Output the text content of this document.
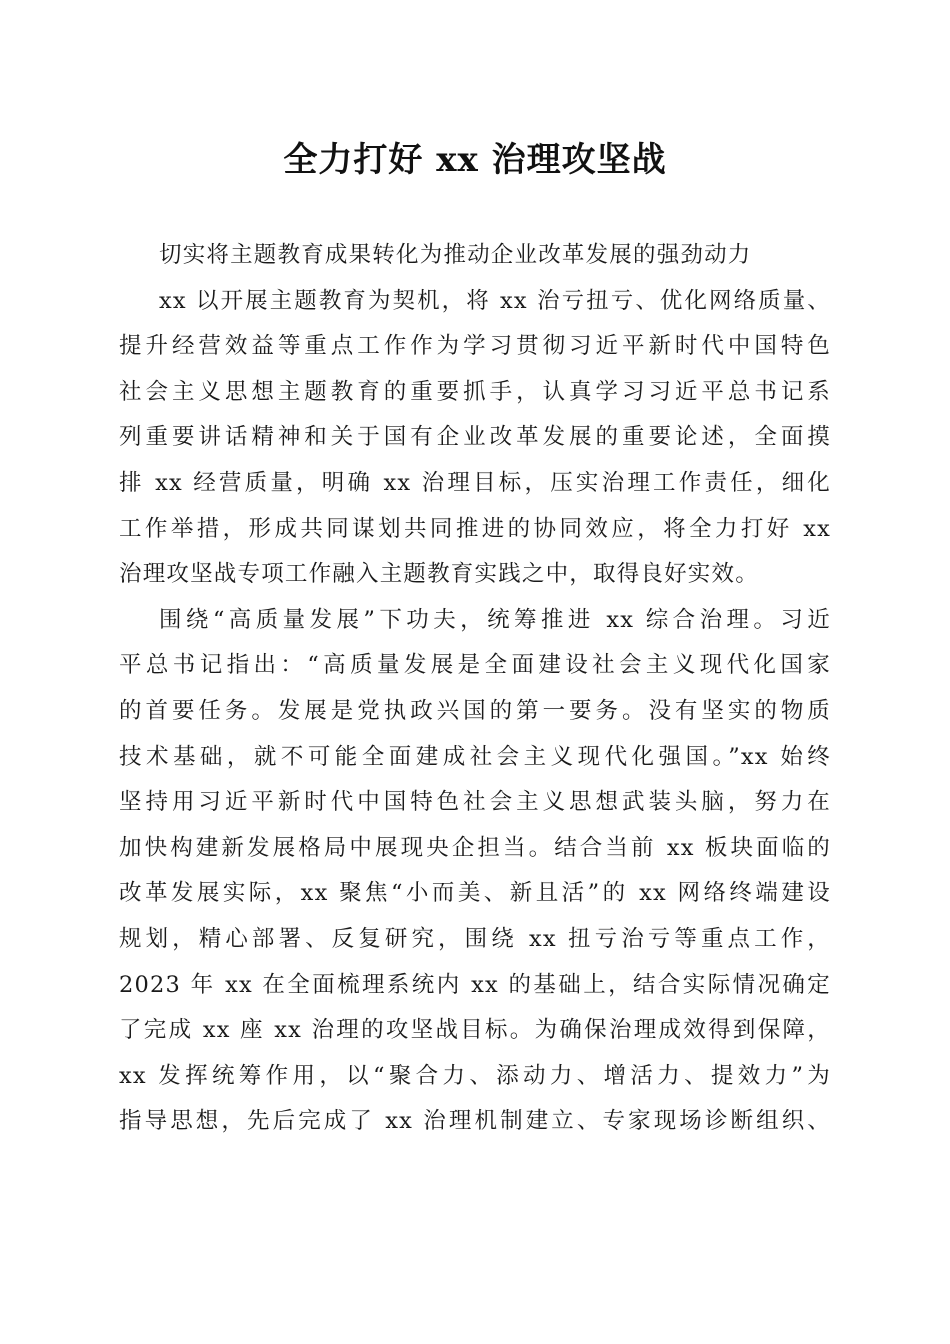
全力打好 xx 治理攻坚战
切实将主题教育成果转化为推动企业改革发展的强劲动力
xx 以开展主题教育为契机，将 xx 治亏扭亏、优化网络质量、
提升经营效益等重点工作作为学习贯彻习近平新时代中国特色
社会主义思想主题教育的重要抓手，认真学习习近平总书记系
列重要讲话精神和关于国有企业改革发展的重要论述，全面摸
排 xx 经营质量，明确 xx 治理目标，压实治理工作责任，细化
工作举措，形成共同谋划共同推进的协同效应，将全力打好 xx
治理攻坚战专项工作融入主题教育实践之中，取得良好实效。
围绕“高质量发展”下功夫，统筹推进 xx 综合治理。习近
平总书记指出：“高质量发展是全面建设社会主义现代化国家
的首要任务。发展是党执政兴国的第一要务。没有坚实的物质
技术基础，就不可能全面建成社会主义现代化强国。”xx 始终
坚持用习近平新时代中国特色社会主义思想武装头脑，努力在
加快构建新发展格局中展现央企担当。结合当前 xx 板块面临的
改革发展实际，xx 聚焦“小而美、新且活”的 xx 网络终端建设
规划，精心部署、反复研究，围绕 xx 扭亏治亏等重点工作，
2023 年 xx 在全面梳理系统内 xx 的基础上，结合实际情况确定
了完成 xx 座 xx 治理的攻坚战目标。为确保治理成效得到保障，
xx 发挥统筹作用，以“聚合力、添动力、增活力、提效力”为
指导思想，先后完成了 xx 治理机制建立、专家现场诊断组织、
